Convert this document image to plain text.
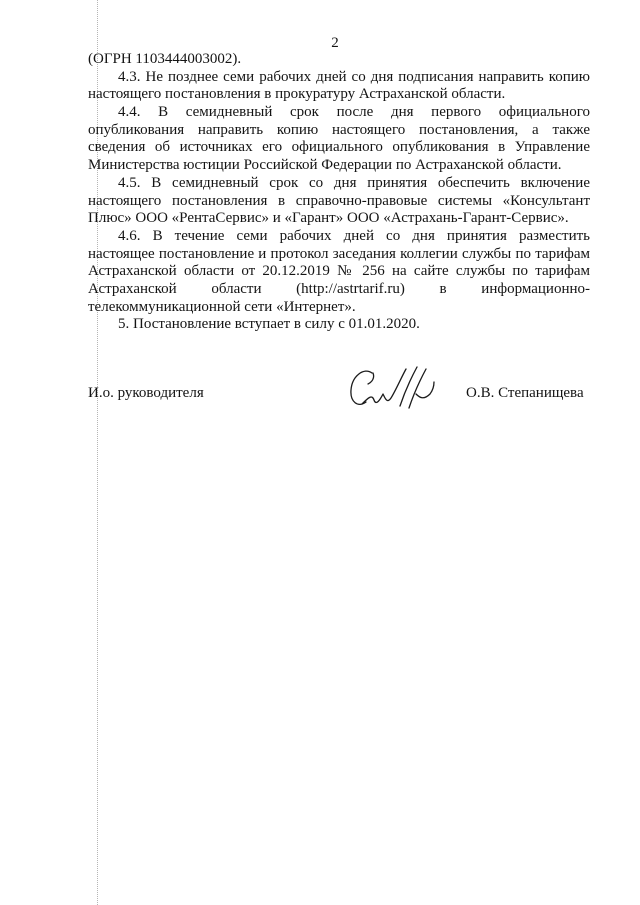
2
(ОГРН 1103444003002).
4.3. Не позднее семи рабочих дней со дня подписания направить копию
настоящего постановления в прокуратуру Астраханской области.
4.4. В семидневный срок после дня первого официального
опубликования направить копию настоящего постановления, а также
сведения об источниках его официального опубликования в Управление
Министерства юстиции Российской Федерации по Астраханской области.
4.5. В семидневный срок со дня принятия обеспечить включение
настоящего постановления в справочно-правовые системы «Консультант
Плюс» ООО «РентаСервис» и «Гарант» ООО «Астрахань-Гарант-Сервис».
4.6. В течение семи рабочих дней со дня принятия разместить
настоящее постановление и протокол заседания коллегии службы по тарифам
Астраханской области от 20.12.2019 № 256 на сайте службы по тарифам
Астраханской области (http://astrtarif.ru) в информационно-
телекоммуникационной сети «Интернет».
5. Постановление вступает в силу с 01.01.2020.
И.о. руководителя	О.В. Степанищева
